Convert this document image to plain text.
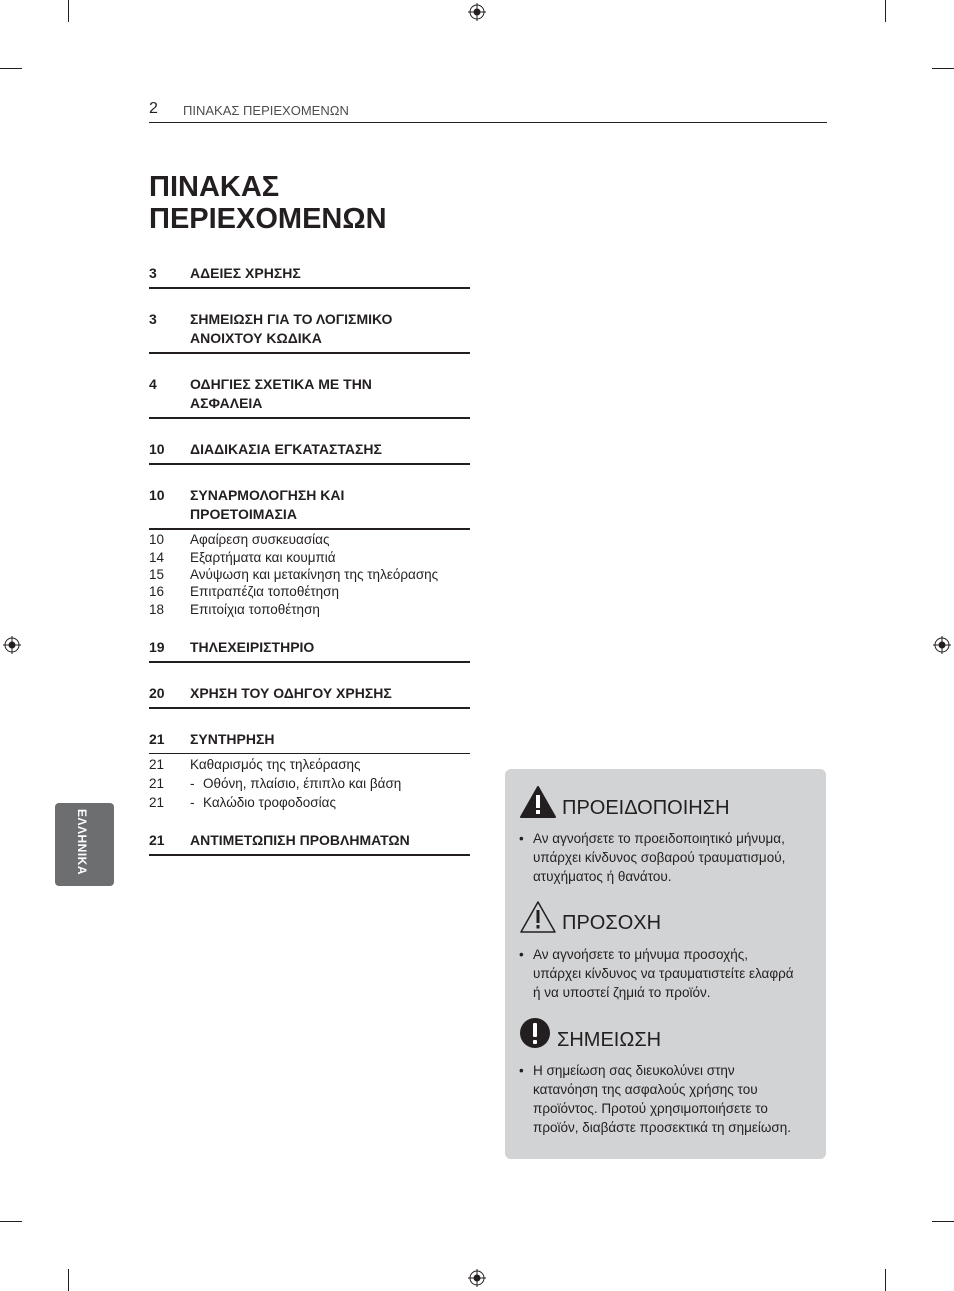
2 ΠΙΝΑΚΑΣ ΠΕΡΙΕΧΟΜΕΝΩΝ
ΠΙΝΑΚΑΣ
ΠΕΡΙΕΧΟΜΕΝΩΝ
3 ΑΔΕΙΕΣ ΧΡΗΣΗΣ
3 ΣΗΜΕΙΩΣΗ ΓΙΑ ΤΟ ΛΟΓΙΣΜΙΚΟ
ΑΝΟΙΧΤΟΥ ΚΩΔΙΚΑ
4 ΟΔΗΓΙΕΣ ΣΧΕΤΙΚΑ ΜΕ ΤΗΝ
ΑΣΦΑΛΕΙΑ
10 ΔΙΑΔΙΚΑΣΙΑ ΕΓΚΑΤΑΣΤΑΣΗΣ
10 ΣΥΝΑΡΜΟΛΟΓΗΣΗ ΚΑΙ
ΠΡΟΕΤΟΙΜΑΣΙΑ
10 Αφαίρεση συσκευασίας
14 Εξαρτήματα και κουμπιά
15 Ανύψωση και μετακίνηση της τηλεόρασης
16 Επιτραπέζια τοποθέτηση
18 Επιτοίχια τοποθέτηση
19 ΤΗΛΕΧΕΙΡΙΣΤΗΡΙΟ
20 ΧΡΗΣΗ ΤΟΥ ΟΔΗΓΟΥ ΧΡΗΣΗΣ
21 ΣΥΝΤΗΡΗΣΗ
21 Καθαρισμός της τηλεόρασης
21 - Οθόνη, πλαίσιο, έπιπλο και βάση
21 - Καλώδιο τροφοδοσίας
21 ΑΝΤΙΜΕΤΩΠΙΣΗ ΠΡΟΒΛΗΜΑΤΩΝ
ΕΛΛΗΝΙΚΑ
ΠΡΟΕΙΔΟΠΟΙΗΣΗ
• Αν αγνοήσετε το προειδοποιητικό μήνυμα,
υπάρχει κίνδυνος σοβαρού τραυματισμού,
ατυχήματος ή θανάτου.
ΠΡΟΣΟΧΗ
• Αν αγνοήσετε το μήνυμα προσοχής,
υπάρχει κίνδυνος να τραυματιστείτε ελαφρά
ή να υποστεί ζημιά το προϊόν.
ΣΗΜΕΙΩΣΗ
• Η σημείωση σας διευκολύνει στην
κατανόηση της ασφαλούς χρήσης του
προϊόντος. Προτού χρησιμοποιήσετε το
προϊόν, διαβάστε προσεκτικά τη σημείωση.
